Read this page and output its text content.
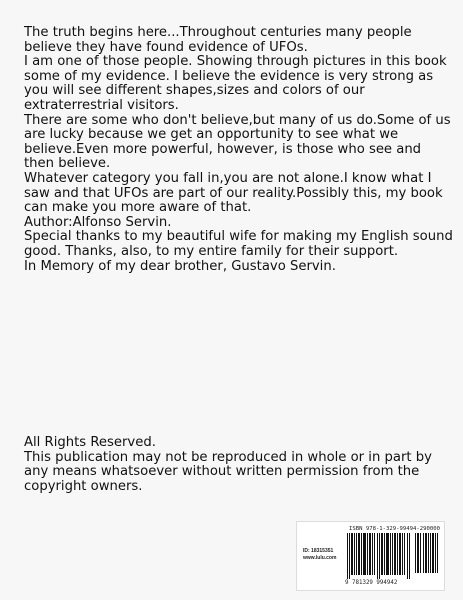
The truth begins here...Throughout centuries many people believe they have found evidence of UFOs.

I am one of those people. Showing through pictures in this book some of my evidence. I believe the evidence is very strong as you will see different shapes,sizes and colors of our extraterrestrial visitors.

There are some who don't believe,but many of us do.Some of us are lucky because we get an opportunity to see what we believe.Even more powerful, however, is those who see and then believe.

Whatever category you fall in,you are not alone.I know what I saw and that UFOs are part of our reality.Possibly this, my book can make you more aware of that.

Author:Alfonso Servin.

Special thanks to my beautiful wife for making my English sound good. Thanks, also, to my entire family for their support.

In Memory of my dear brother, Gustavo Servin.

All Rights Reserved.

This publication may not be reproduced in whole or in part by any means whatsoever without written permission from the copyright owners.

ISBN 978-1-329-99494-2 90000
ID: 18315351
www.lulu.com
9 781329 994942
